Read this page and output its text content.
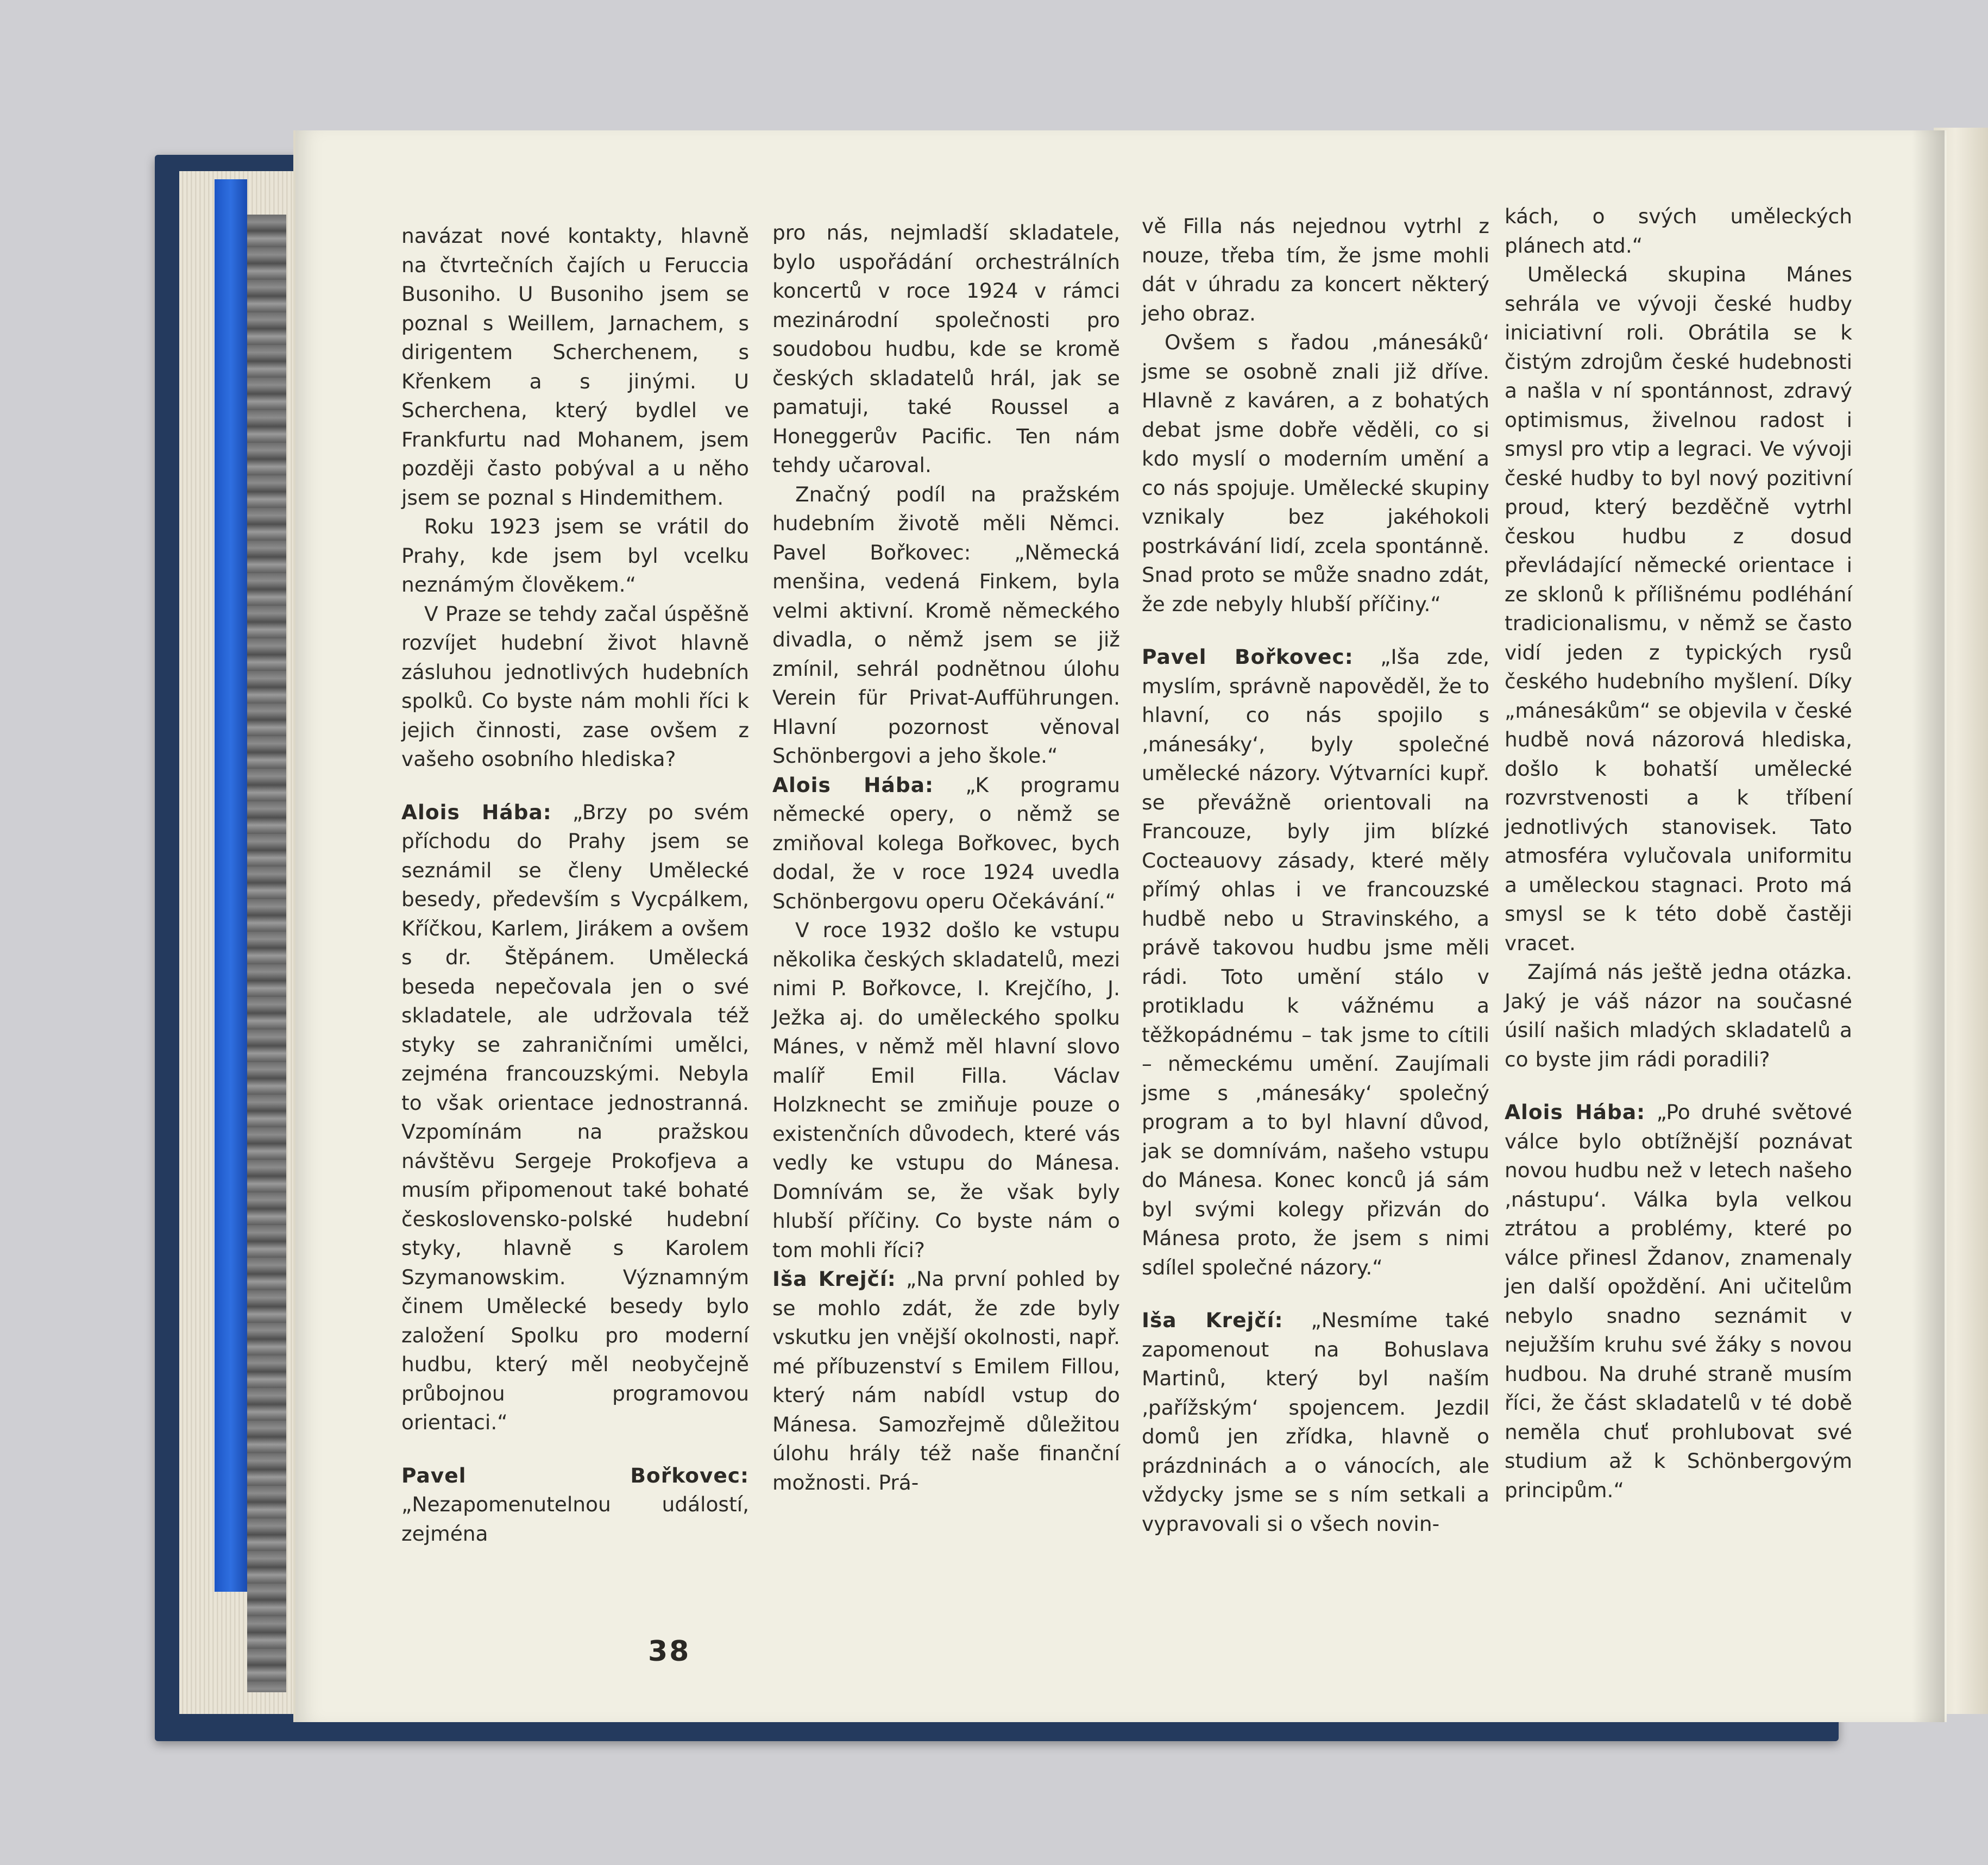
navázat nové kontakty, hlavně na čtvrtečních čajích u Feruccia Busoniho. U Busoniho jsem se poznal s Weillem, Jarnachem, s dirigentem Scherchenem, s Křenkem a s jinými. U Scherchena, který bydlel ve Frankfurtu nad Mohanem, jsem později často pobýval a u něho jsem se poznal s Hindemithem.

Roku 1923 jsem se vrátil do Prahy, kde jsem byl vcelku neznámým člověkem.“

V Praze se tehdy začal úspěšně rozvíjet hudební život hlavně zásluhou jednotlivých hudebních spolků. Co byste nám mohli říci k jejich činnosti, zase ovšem z vašeho osobního hlediska?

Alois Hába: „Brzy po svém příchodu do Prahy jsem se seznámil se členy Umělecké besedy, především s Vycpálkem, Kříčkou, Karlem, Jirákem a ovšem s dr. Štěpánem. Umělecká beseda nepečovala jen o své skladatele, ale udržovala též styky se zahraničními umělci, zejména francouzskými. Nebyla to však orientace jednostranná. Vzpomínám na pražskou návštěvu Sergeje Prokofjeva a musím připomenout také bohaté československo-polské hudební styky, hlavně s Karolem Szymanowskim. Významným činem Umělecké besedy bylo založení Spolku pro moderní hudbu, který měl neobyčejně průbojnou programovou orientaci.“

Pavel Bořkovec: „Nezapomenutelnou událostí, zejména

pro nás, nejmladší skladatele, bylo uspořádání orchestrálních koncertů v roce 1924 v rámci mezinárodní společnosti pro soudobou hudbu, kde se kromě českých skladatelů hrál, jak se pamatuji, také Roussel a Honeggerův Pacific. Ten nám tehdy učaroval.

Značný podíl na pražském hudebním životě měli Němci. Pavel Bořkovec: „Německá menšina, vedená Finkem, byla velmi aktivní. Kromě německého divadla, o němž jsem se již zmínil, sehrál podnětnou úlohu Verein für Privat-Aufführungen. Hlavní pozornost věnoval Schönbergovi a jeho škole.“

Alois Hába: „K programu německé opery, o němž se zmiňoval kolega Bořkovec, bych dodal, že v roce 1924 uvedla Schönbergovu operu Očekávání.“

V roce 1932 došlo ke vstupu několika českých skladatelů, mezi nimi P. Bořkovce, I. Krejčího, J. Ježka aj. do uměleckého spolku Mánes, v němž měl hlavní slovo malíř Emil Filla. Václav Holzknecht se zmiňuje pouze o existenčních důvodech, které vás vedly ke vstupu do Mánesa. Domnívám se, že však byly hlubší příčiny. Co byste nám o tom mohli říci?

Iša Krejčí: „Na první pohled by se mohlo zdát, že zde byly vskutku jen vnější okolnosti, např. mé příbuzenství s Emilem Fillou, který nám nabídl vstup do Mánesa. Samozřejmě důležitou úlohu hrály též naše finanční možnosti. Prá-

vě Filla nás nejednou vytrhl z nouze, třeba tím, že jsme mohli dát v úhradu za koncert některý jeho obraz.

Ovšem s řadou ‚mánesáků‘ jsme se osobně znali již dříve. Hlavně z kaváren, a z bohatých debat jsme dobře věděli, co si kdo myslí o moderním umění a co nás spojuje. Umělecké skupiny vznikaly bez jakéhokoli postrkávání lidí, zcela spontánně. Snad proto se může snadno zdát, že zde nebyly hlubší příčiny.“

Pavel Bořkovec: „Iša zde, myslím, správně napověděl, že to hlavní, co nás spojilo s ‚mánesáky‘, byly společné umělecké názory. Výtvarníci kupř. se převážně orientovali na Francouze, byly jim blízké Cocteauovy zásady, které měly přímý ohlas i ve francouzské hudbě nebo u Stravinského, a právě takovou hudbu jsme měli rádi. Toto umění stálo v protikladu k vážnému a těžkopádnému – tak jsme to cítili – německému umění. Zaujímali jsme s ‚mánesáky‘ společný program a to byl hlavní důvod, jak se domnívám, našeho vstupu do Mánesa. Konec konců já sám byl svými kolegy přizván do Mánesa proto, že jsem s nimi sdílel společné názory.“

Iša Krejčí: „Nesmíme také zapomenout na Bohuslava Martinů, který byl naším ‚pařížským‘ spojencem. Jezdil domů jen zřídka, hlavně o prázdninách a o vánocích, ale vždycky jsme se s ním setkali a vypravovali si o všech novin-

kách, o svých uměleckých plánech atd.“

Umělecká skupina Mánes sehrála ve vývoji české hudby iniciativní roli. Obrátila se k čistým zdrojům české hudebnosti a našla v ní spontánnost, zdravý optimismus, živelnou radost i smysl pro vtip a legraci. Ve vývoji české hudby to byl nový pozitivní proud, který bezděčně vytrhl českou hudbu z dosud převládající německé orientace i ze sklonů k přílišnému podléhání tradicionalismu, v němž se často vidí jeden z typických rysů českého hudebního myšlení. Díky „mánesákům“ se objevila v české hudbě nová názorová hlediska, došlo k bohatší umělecké rozvrstvenosti a k tříbení jednotlivých stanovisek. Tato atmosféra vylučovala uniformitu a uměleckou stagnaci. Proto má smysl se k této době častěji vracet.

Zajímá nás ještě jedna otázka. Jaký je váš názor na současné úsilí našich mladých skladatelů a co byste jim rádi poradili?

Alois Hába: „Po druhé světové válce bylo obtížnější poznávat novou hudbu než v letech našeho ‚nástupu‘. Válka byla velkou ztrátou a problémy, které po válce přinesl Ždanov, znamenaly jen další opoždění. Ani učitelům nebylo snadno seznámit v nejužším kruhu své žáky s novou hudbou. Na druhé straně musím říci, že část skladatelů v té době neměla chuť prohlubovat své studium až k Schönbergovým principům.“

38
